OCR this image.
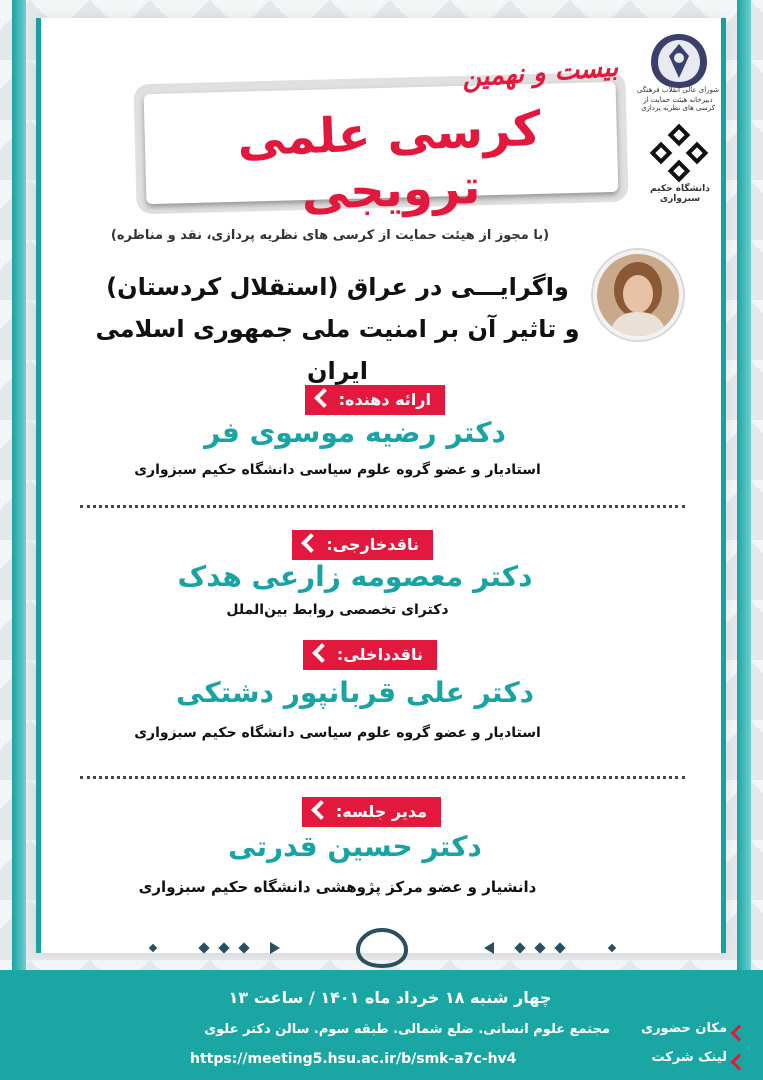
شورای عالی انقلاب فرهنگی
دبیرخانه هیئت حمایت از کرسی های نظریه پردازی
دانشگاه حکیم سبزواری
بیست و نهمین
کرسی علمی ترویجی
(با مجوز از هیئت حمایت از کرسی های نظریه پردازی، نقد و مناظره)
واگرایـــی در عراق (استقلال کردستان)
و تاثیر آن بر امنیت ملی جمهوری اسلامی ایران
ارائه دهنده:
دکتر رضیه موسوی فر
استادیار و عضو گروه علوم سیاسی دانشگاه حکیم سبزواری
ناقدخارجی:
دکتر معصومه زارعی هدک
دکترای تخصصی روابط بین‌الملل
ناقدداخلی:
دکتر علی قربانپور دشتکی
استادیار و عضو گروه علوم سیاسی دانشگاه حکیم سبزواری
مدیر جلسه:
دکتر حسین قدرتی
دانشیار و عضو مرکز پژوهشی دانشگاه حکیم سبزواری
چهار شنبه ۱۸ خرداد ماه ۱۴۰۱ / ساعت ۱۳
مجتمع علوم انسانی. ضلع شمالی. طبقه سوم. سالن دکتر علوی
https://meeting5.hsu.ac.ir/b/smk-a7c-hv4
مکان حضوری
لینک شرکت
